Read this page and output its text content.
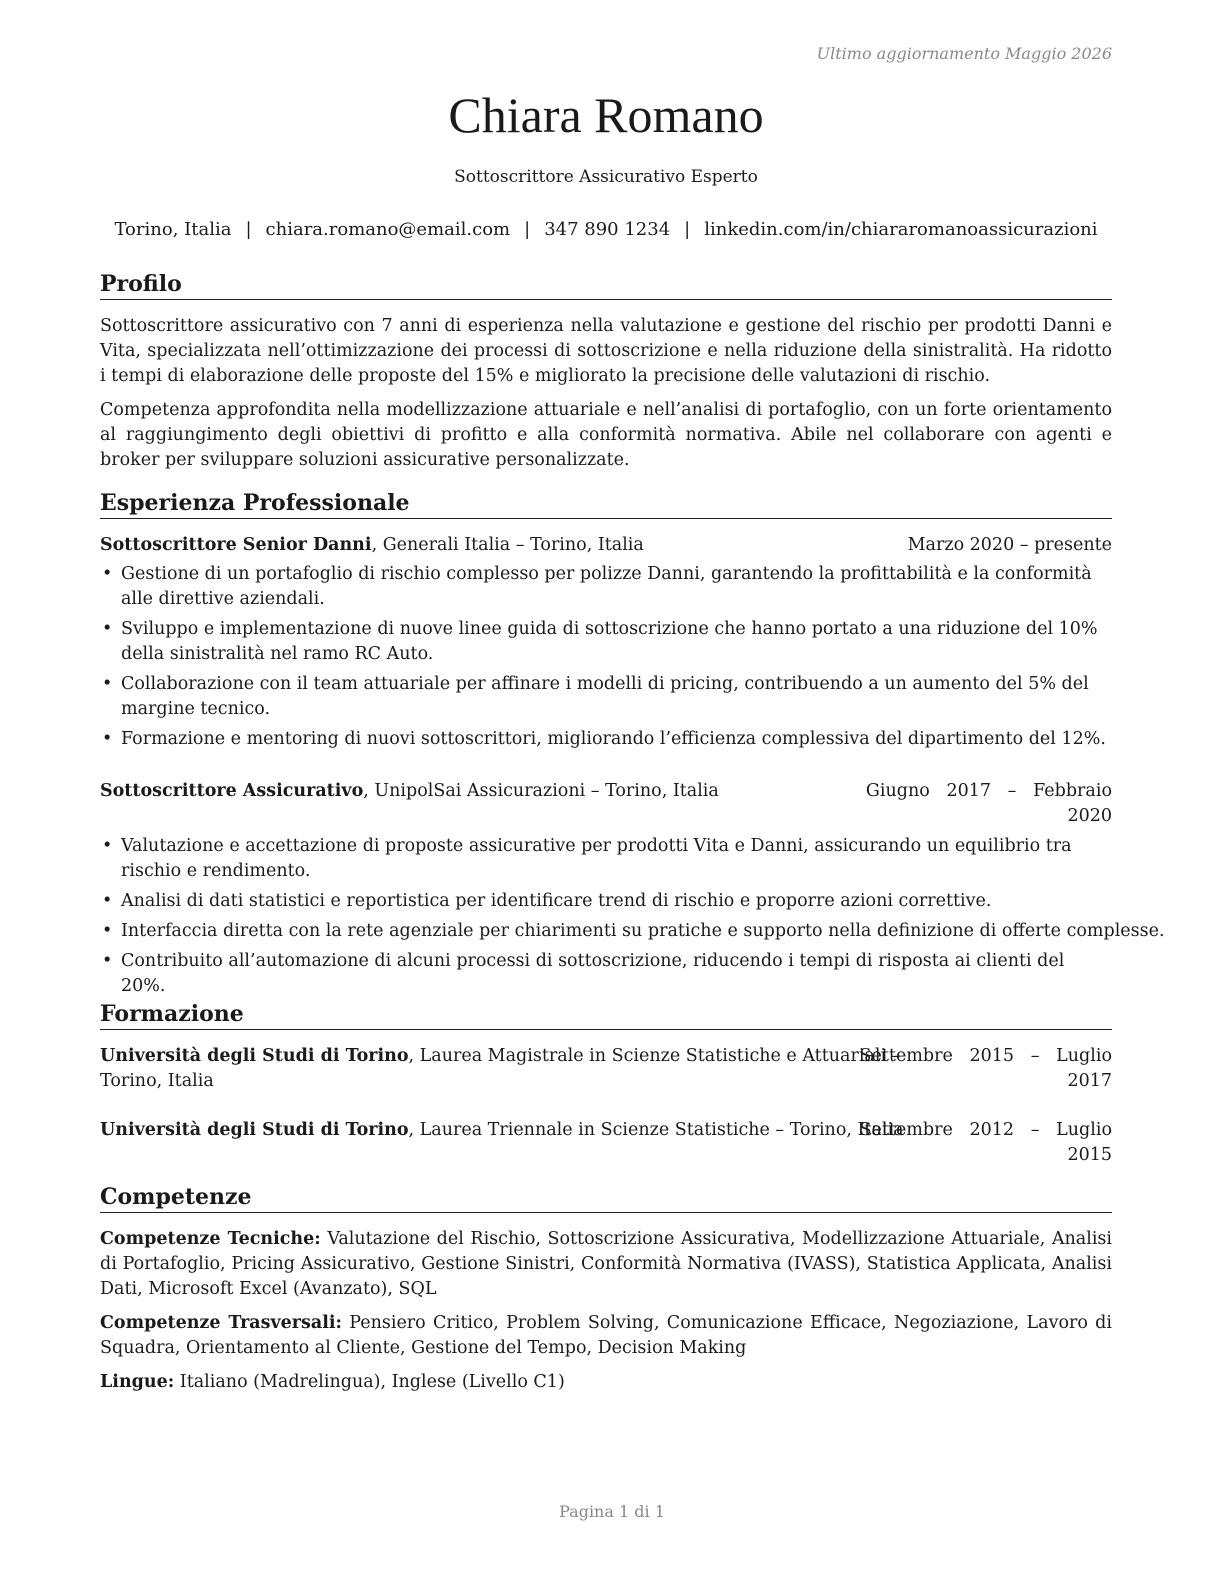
Ultimo aggiornamento Maggio 2026
Chiara Romano
Sottoscrittore Assicurativo Esperto
Torino, Italia | chiara.romano@email.com | 347 890 1234 | linkedin.com/in/chiararomanoassicurazioni
Profilo

Sottoscrittore assicurativo con 7 anni di esperienza nella valutazione e gestione del rischio per prodotti Danni e Vita, specializzata nell’ottimizzazione dei processi di sottoscrizione e nella riduzione della sinistralità. Ha ridotto i tempi di elaborazione delle proposte del 15% e migliorato la precisione delle valutazioni di rischio.

Competenza approfondita nella modellizzazione attuariale e nell’analisi di portafoglio, con un forte orientamento al raggiungimento degli obiettivi di profitto e alla conformità normativa. Abile nel collaborare con agenti e broker per sviluppare soluzioni assicurative personalizzate.

Esperienza Professionale
Sottoscrittore Senior Danni, Generali Italia – Torino, Italia	Marzo 2020 – presente
• Gestione di un portafoglio di rischio complesso per polizze Danni, garantendo la profittabilità e la conformità alle direttive aziendali.
• Sviluppo e implementazione di nuove linee guida di sottoscrizione che hanno portato a una riduzione del 10% della sinistralità nel ramo RC Auto.
• Collaborazione con il team attuariale per affinare i modelli di pricing, contribuendo a un aumento del 5% del margine tecnico.
• Formazione e mentoring di nuovi sottoscrittori, migliorando l’efficienza complessiva del dipartimento del 12%.
Sottoscrittore Assicurativo, UnipolSai Assicurazioni – Torino, Italia	Giugno   2017   –   Febbraio
2020
• Valutazione e accettazione di proposte assicurative per prodotti Vita e Danni, assicurando un equilibrio tra rischio e rendimento.
• Analisi di dati statistici e reportistica per identificare trend di rischio e proporre azioni correttive.
• Interfaccia diretta con la rete agenziale per chiarimenti su pratiche e supporto nella definizione di offerte complesse.
• Contribuito all’automazione di alcuni processi di sottoscrizione, riducendo i tempi di risposta ai clienti del 20%.
Formazione
Università degli Studi di Torino, Laurea Magistrale in Scienze Statistiche e Attuariali –
Torino, Italia
Settembre   2015   –   Luglio
2017
Università degli Studi di Torino, Laurea Triennale in Scienze Statistiche – Torino, Italia
Settembre   2012   –   Luglio
2015
Competenze
Competenze Tecniche: Valutazione del Rischio, Sottoscrizione Assicurativa, Modellizzazione Attuariale, Analisi di Portafoglio, Pricing Assicurativo, Gestione Sinistri, Conformità Normativa (IVASS), Statistica Applicata, Analisi Dati, Microsoft Excel (Avanzato), SQL
Competenze Trasversali: Pensiero Critico, Problem Solving, Comunicazione Efficace, Negoziazione, Lavoro di Squadra, Orientamento al Cliente, Gestione del Tempo, Decision Making
Lingue: Italiano (Madrelingua), Inglese (Livello C1)
Pagina 1 di 1
